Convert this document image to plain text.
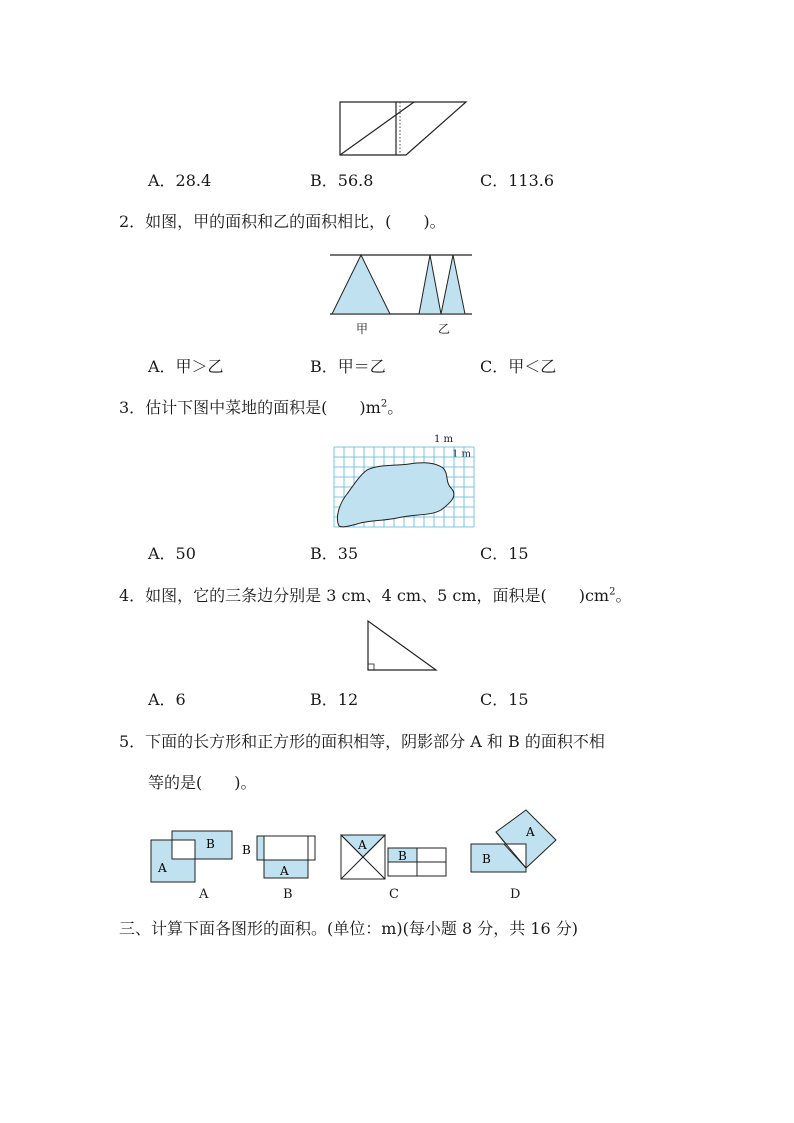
A．28.4	B．56.8	C．113.6
2．如图，甲的面积和乙的面积相比，(　　)。
甲	乙
A．甲＞乙	B．甲＝乙	C．甲＜乙
3．估计下图中菜地的面积是(　　)$m^2$。
1 m
1 m
A．50	B．35	C．15
4．如图，它的三条边分别是 3 cm、4 cm、5 cm，面积是(　　)$cm^2$。
A．6	B．12	C．15
5．下面的长方形和正方形的面积相等，阴影部分 A 和 B 的面积不相
等的是(　　)。
B
A
B
A
A
B
A
B
A	B	C	D
三、计算下面各图形的面积。(单位：m)(每小题 8 分，共 16 分)
